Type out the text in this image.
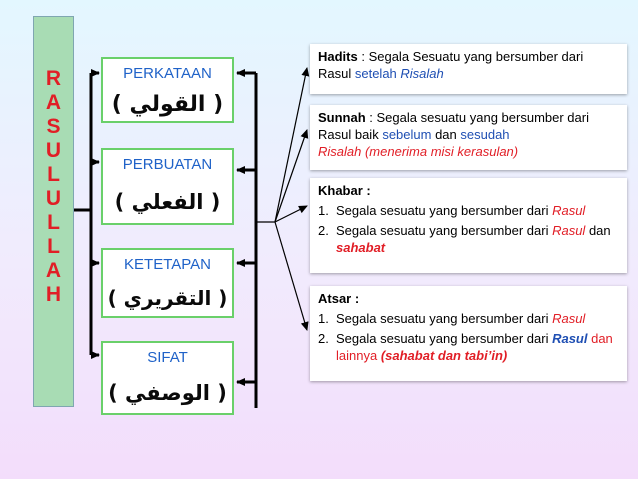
R
A
S
U
L
U
L
L
A
H
PERKATAAN
( القولي )
PERBUATAN
( الفعلي )
KETETAPAN
( التقريري )
SIFAT
( الوصفي )
Hadits : Segala Sesuatu yang bersumber dari Rasul setelah Risalah
Sunnah : Segala sesuatu yang bersumber dari Rasul baik sebelum dan sesudah
Risalah (menerima misi kerasulan)
Khabar :
1. Segala sesuatu yang bersumber dari Rasul
2. Segala sesuatu yang bersumber dari Rasul dan sahabat
Atsar :
1. Segala sesuatu yang bersumber dari Rasul
2. Segala sesuatu yang bersumber dari Rasul dan lainnya (sahabat dan tabi’in)
